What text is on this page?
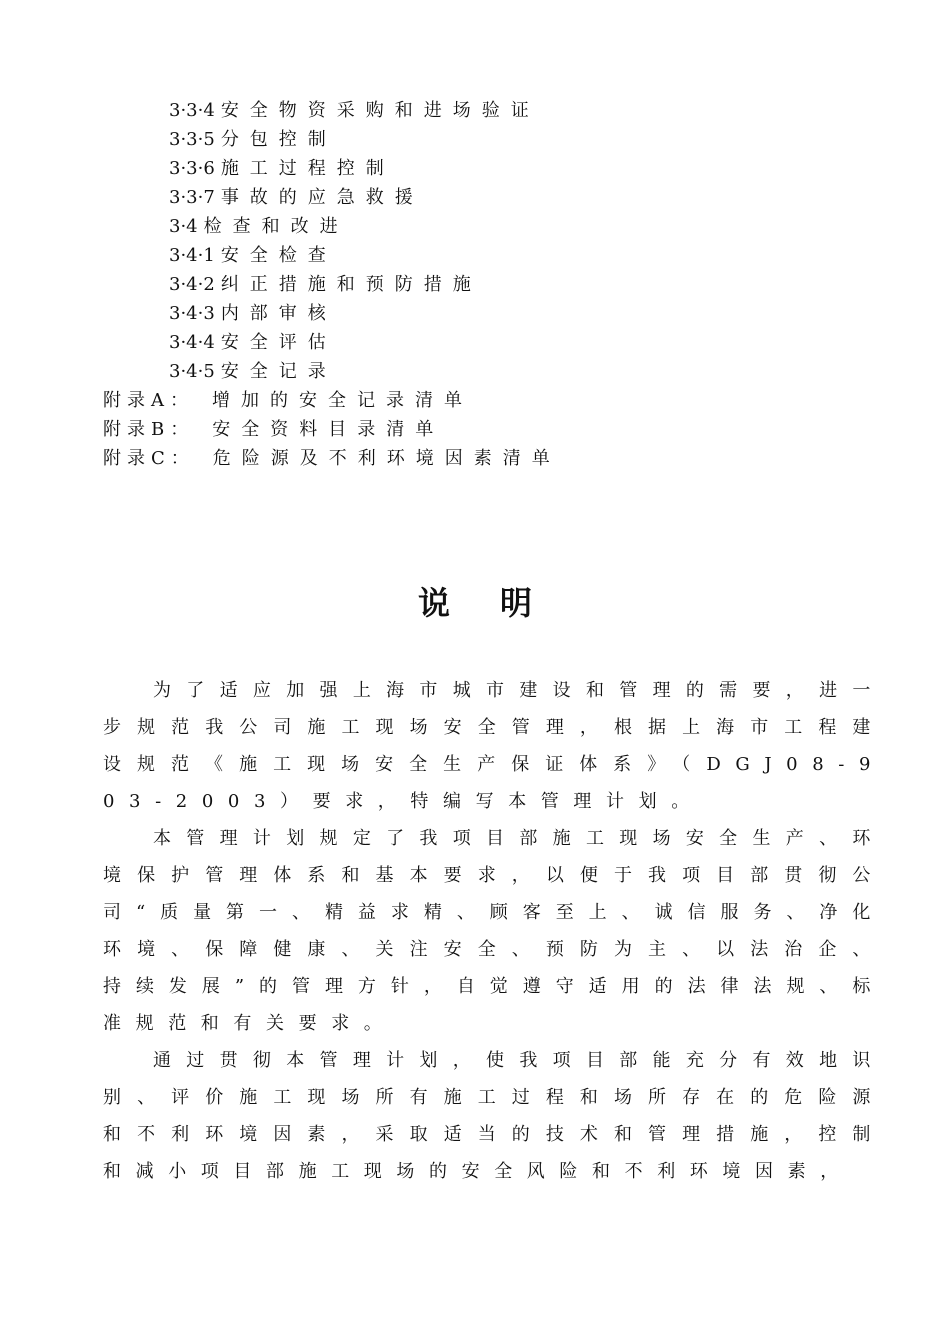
3·3·4 安全物资采购和进场验证
3·3·5 分包控制
3·3·6 施工过程控制
3·3·7 事故的应急救援
3·4 检查和改进
3·4·1 安全检查
3·4·2 纠正措施和预防措施
3·4·3 内部审核
3·4·4 安全评估
3·4·5 安全记录
附录A： 增加的安全记录清单
附录B： 安全资料目录清单
附录C： 危险源及不利环境因素清单
说明

为了适应加强上海市城市建设和管理的需要，进一步规范我公司施工现场安全管理，根据上海市工程建设规范《施工现场安全生产保证体系》（DGJ08-903-2003）要求，特编写本管理计划。

本管理计划规定了我项目部施工现场安全生产、环境保护管理体系和基本要求，以便于我项目部贯彻公司“质量第一、精益求精、顾客至上、诚信服务、净化环境、保障健康、关注安全、预防为主、以法治企、持续发展”的管理方针，自觉遵守适用的法律法规、标准规范和有关要求。

通过贯彻本管理计划，使我项目部能充分有效地识别、评价施工现场所有施工过程和场所存在的危险源和不利环境因素，采取适当的技术和管理措施，控制和减小项目部施工现场的安全风险和不利环境因素，
